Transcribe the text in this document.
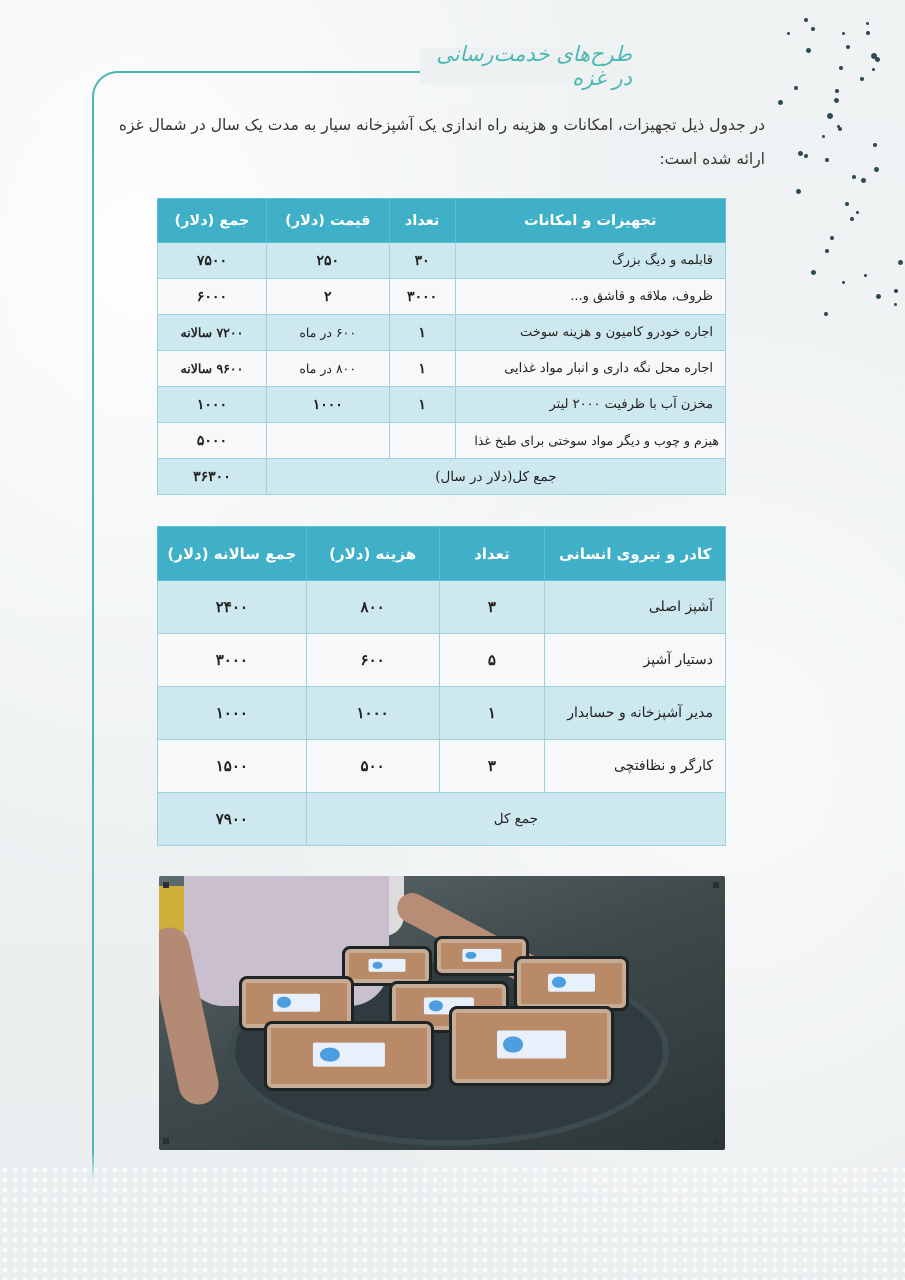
طرح‌های خدمت‌رسانی در غزه

در جدول ذیل تجهیزات، امکانات و هزینه راه اندازی یک آشپزخانه سیار به مدت یک سال در شمال غزه ارائه شده است:

تجهیزات و امکانات	تعداد	قیمت (دلار)	جمع (دلار)
قابلمه و دیگ بزرگ	۳۰	۲۵۰	۷۵۰۰
ظروف، ملاقه و قاشق و...	۳۰۰۰	۲	۶۰۰۰
اجاره خودرو کامیون و هزینه سوخت	۱	۶۰۰ در ماه	۷۲۰۰ سالانه
اجاره محل نگه داری و انبار مواد غذایی	۱	۸۰۰ در ماه	۹۶۰۰ سالانه
مخزن آب با ظرفیت ۲۰۰۰ لیتر	۱	۱۰۰۰	۱۰۰۰
هیزم و چوب و دیگر مواد سوختی برای طبخ غذا			۵۰۰۰
جمع کل(دلار در سال)			۳۶۳۰۰
کادر و نیروی انسانی	تعداد	هزینه (دلار)	جمع سالانه (دلار)
آشپز اصلی	۳	۸۰۰	۲۴۰۰
دستیار آشپز	۵	۶۰۰	۳۰۰۰
مدیر آشپزخانه و حسابدار	۱	۱۰۰۰	۱۰۰۰
کارگر و نظافتچی	۳	۵۰۰	۱۵۰۰
جمع کل			۷۹۰۰
